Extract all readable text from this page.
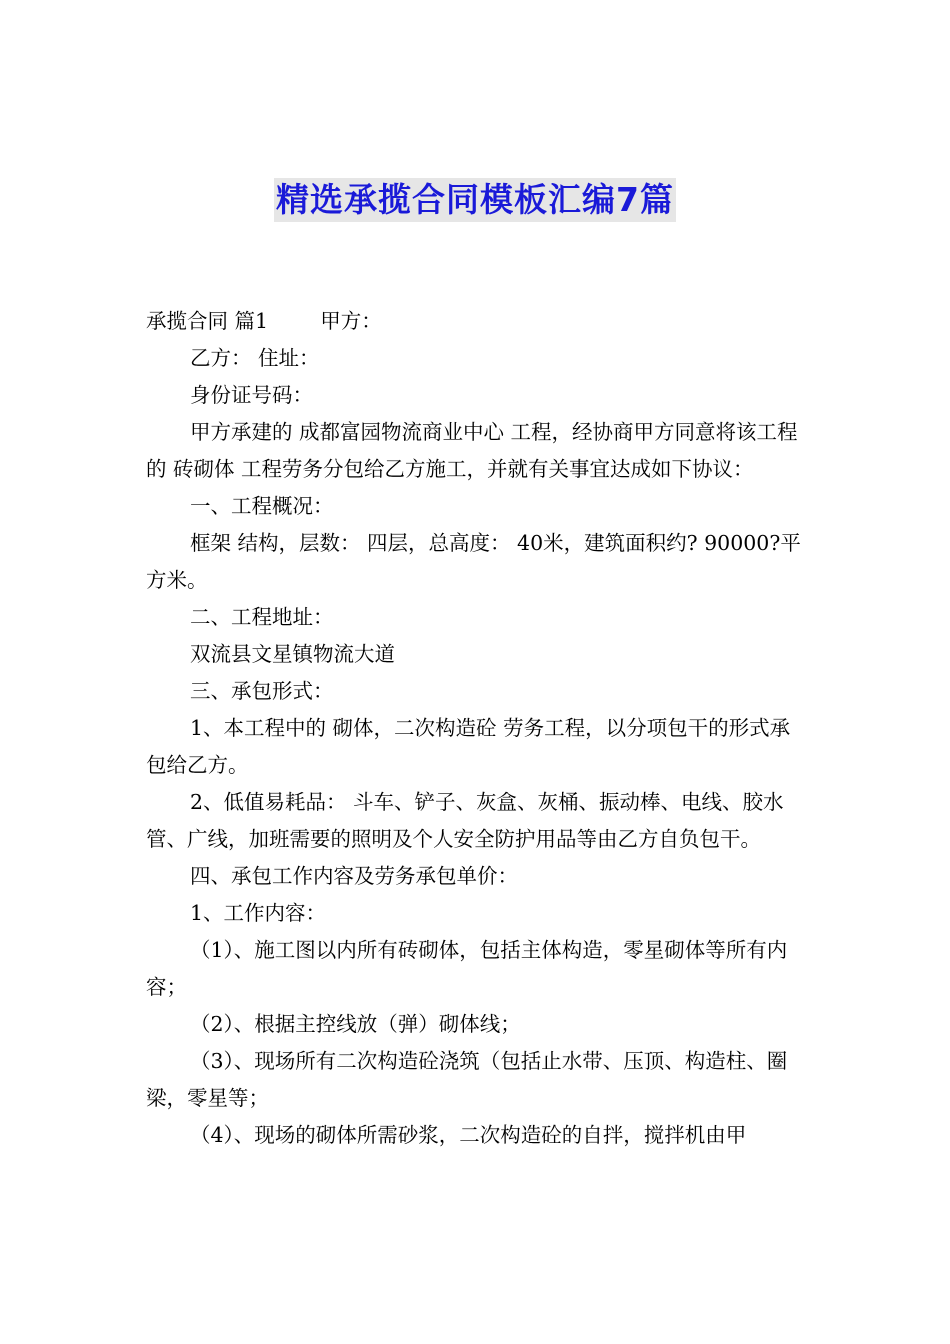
精选承揽合同模板汇编7篇

承揽合同 篇1        甲方：

乙方： 住址：

身份证号码：

甲方承建的 成都富园物流商业中心 工程，经协商甲方同意将该工程的 砖砌体 工程劳务分包给乙方施工，并就有关事宜达成如下协议：

一、工程概况：

框架 结构，层数： 四层，总高度： 40米，建筑面积约? 90000?平方米。

二、工程地址：

双流县文星镇物流大道

三、承包形式：

1、本工程中的 砌体，二次构造砼 劳务工程，以分项包干的形式承包给乙方。

2、低值易耗品： 斗车、铲子、灰盒、灰桶、振动棒、电线、胶水管、广线，加班需要的照明及个人安全防护用品等由乙方自负包干。

四、承包工作内容及劳务承包单价：

1、工作内容：

（1）、施工图以内所有砖砌体，包括主体构造，零星砌体等所有内容；

（2）、根据主控线放（弹）砌体线；

（3）、现场所有二次构造砼浇筑（包括止水带、压顶、构造柱、圈梁，零星等；

（4）、现场的砌体所需砂浆，二次构造砼的自拌，搅拌机由甲
